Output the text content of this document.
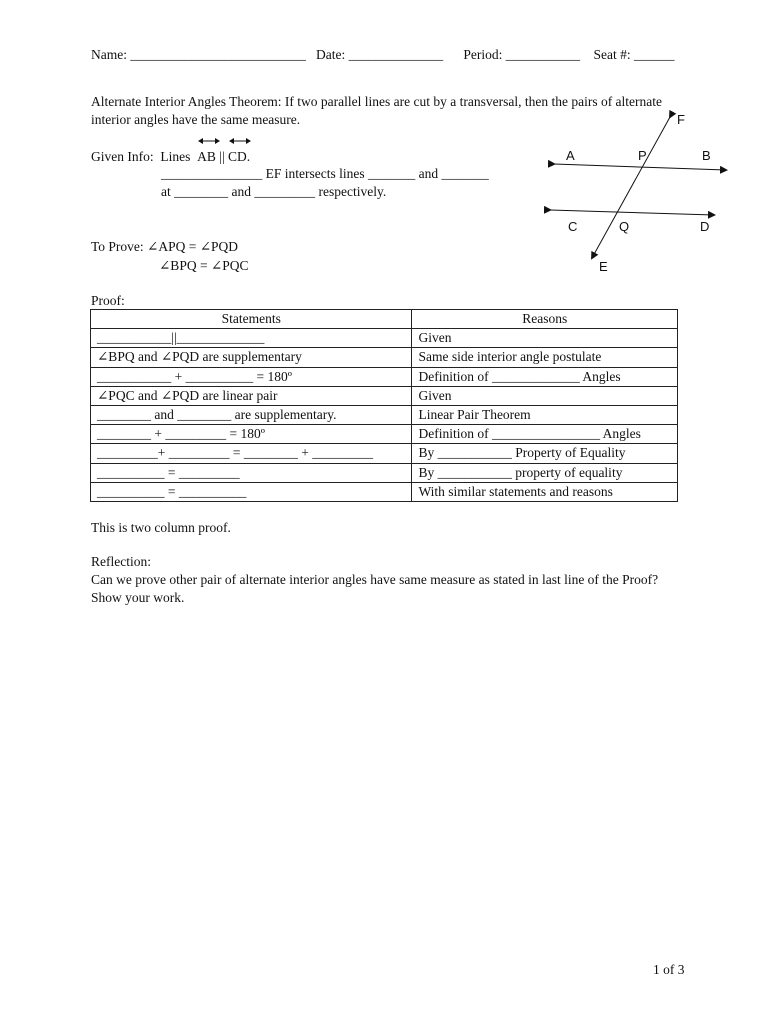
Name: __________________________   Date: ______________      Period: ___________    Seat #: ______
Alternate Interior Angles Theorem: If two parallel lines are cut by a transversal, then the pairs of alternate interior angles have the same measure.
Given Info:  Lines
AB ||
CD.
_______________ EF intersects lines _______ and _______
at ________ and _________ respectively.
To Prove: ∠APQ = ∠PQD
∠BPQ = ∠PQC
Proof:
Statements	Reasons
___________||_____________	Given
∠BPQ and ∠PQD are supplementary	Same side interior angle postulate
___________ + __________ = 180º	Definition of _____________ Angles
∠PQC and ∠PQD are linear pair	Given
________ and ________ are supplementary.	Linear Pair Theorem
________ + _________ = 180º	Definition of ________________ Angles
_________+ _________ = ________ + _________	By ___________ Property of Equality
__________ = _________	By ___________ property of equality
__________ = __________	With similar statements and reasons
This is two column proof.
Reflection:
Can we prove other pair of alternate interior angles have same measure as stated in last line of the Proof? Show your work.
A	P	B
F
C	Q	D
E
1 of 3
